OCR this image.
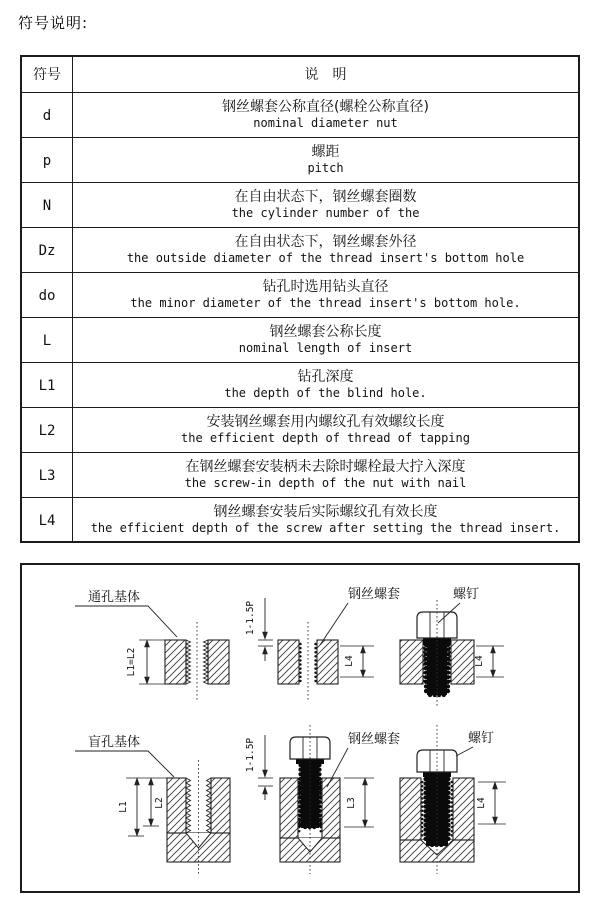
符号说明:
符号	说　明
d	钢丝螺套公称直径(螺栓公称直径)
nominal diameter nut

p	螺距
pitch

N	在自由状态下，钢丝螺套圈数
the cylinder number of the

Dz	在自由状态下，钢丝螺套外径
the outside diameter of the thread insert's bottom hole

do	钻孔时选用钻头直径
the minor diameter of the thread insert's bottom hole.

L	钢丝螺套公称长度
nominal length of insert

L1	钻孔深度
the depth of the blind hole.

L2	安装钢丝螺套用内螺纹孔有效螺纹长度
the efficient depth of thread of tapping

L3	在钢丝螺套安装柄未去除时螺栓最大拧入深度
the screw-in depth of the nut with nail

L4	钢丝螺套安装后实际螺纹孔有效长度
the efficient depth of the screw after setting the thread insert.
L1=L2
1-1.5P
L4	L4
通孔基体	钢丝螺套	螺钉
L1	L2
1-1.5P
L3	L4
盲孔基体	钢丝螺套	螺钉
